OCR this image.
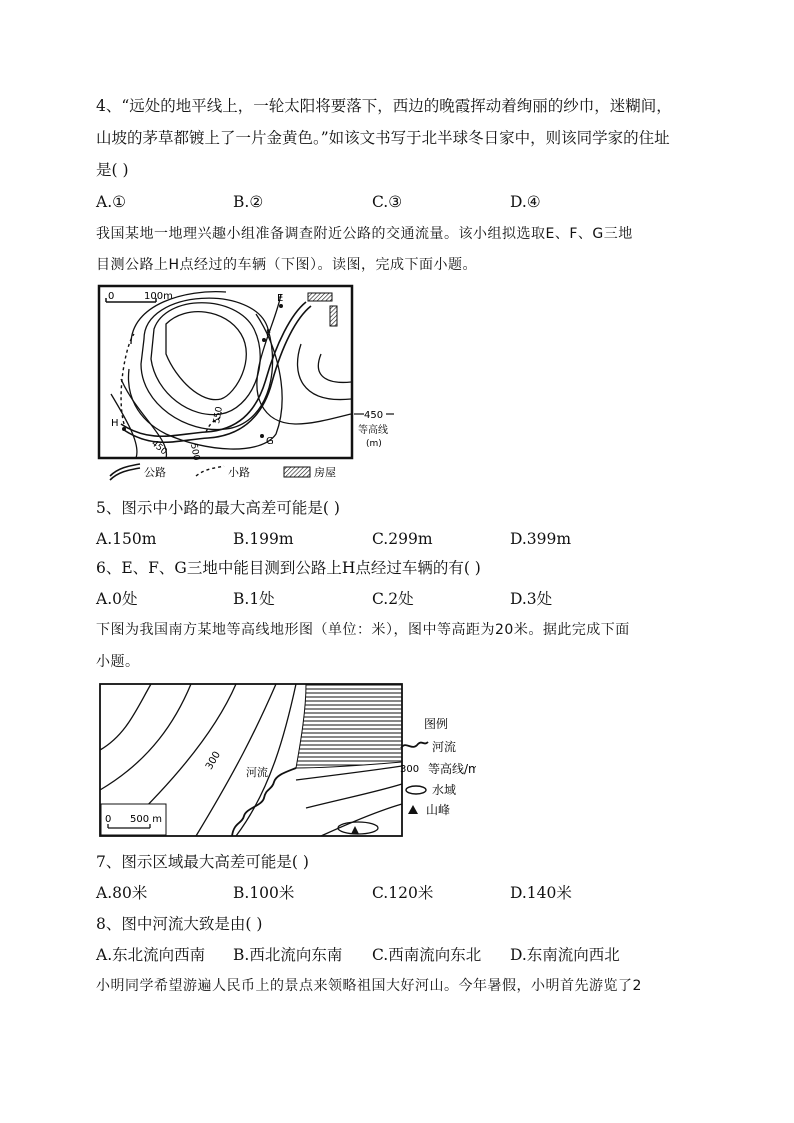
4、“远处的地平线上，一轮太阳将要落下，西边的晚霞挥动着绚丽的纱巾，迷糊间，
山坡的茅草都镀上了一片金黄色。”如该文书写于北半球冬日家中，则该同学家的住址
是( )
A.①	B.②	C.③	D.④
我国某地一地理兴趣小组准备调查附近公路的交通流量。该小组拟选取E、F、G三地
目测公路上H点经过的车辆（下图）。读图，完成下面小题。
0	100m	E
F
G
H
450 500
550	450
等高线
(m)
公路	小路	房屋
5、图示中小路的最大高差可能是( )
A.150m	B.199m	C.299m	D.399m
6、E、F、G三地中能目测到公路上H点经过车辆的有( )
A.0处	B.1处	C.2处	D.3处
下图为我国南方某地等高线地形图（单位：米），图中等高距为20米。据此完成下面
小题。
300
河流
0 500 m
图例
河流
300 等高线/m
水域
山峰
7、图示区域最大高差可能是( )
A.80米	B.100米	C.120米	D.140米
8、图中河流大致是由( )
A.东北流向西南 B.西北流向东南 C.西南流向东北 D.东南流向西北
小明同学希望游遍人民币上的景点来领略祖国大好河山。今年暑假，小明首先游览了2
